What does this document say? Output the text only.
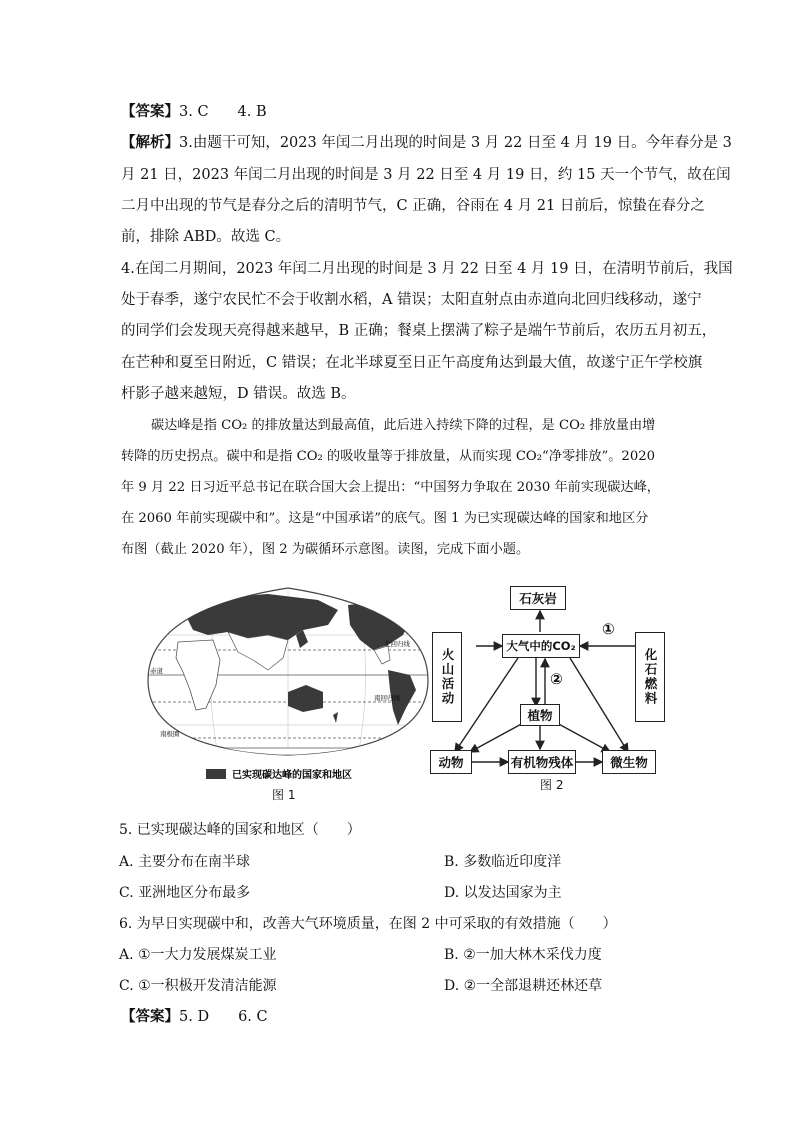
【答案】3. C　　4. B
【解析】3.由题干可知，2023 年闰二月出现的时间是 3 月 22 日至 4 月 19 日。今年春分是 3
月 21 日，2023 年闰二月出现的时间是 3 月 22 日至 4 月 19 日，约 15 天一个节气，故在闰
二月中出现的节气是春分之后的清明节气，C 正确，谷雨在 4 月 21 日前后，惊蛰在春分之
前，排除 ABD。故选 C。
4.在闰二月期间，2023 年闰二月出现的时间是 3 月 22 日至 4 月 19 日，在清明节前后，我国
处于春季，遂宁农民忙不会于收割水稻，A 错误；太阳直射点由赤道向北回归线移动，遂宁
的同学们会发现天亮得越来越早，B 正确；餐桌上摆满了粽子是端午节前后，农历五月初五，
在芒种和夏至日附近，C 错误；在北半球夏至日正午高度角达到最大值，故遂宁正午学校旗
杆影子越来越短，D 错误。故选 B。
碳达峰是指 CO₂ 的排放量达到最高值，此后进入持续下降的过程，是 CO₂ 排放量由增
转降的历史拐点。碳中和是指 CO₂ 的吸收量等于排放量，从而实现 CO₂“净零排放”。2020
年 9 月 22 日习近平总书记在联合国大会上提出：“中国努力争取在 2030 年前实现碳达峰，
在 2060 年前实现碳中和”。这是“中国承诺”的底气。图 1 为已实现碳达峰的国家和地区分
布图（截止 2020 年），图 2 为碳循环示意图。读图，完成下面小题。
北回归线
赤道
南回归线
南极圈
已实现碳达峰的国家和地区
图 1
石灰岩
大气中的CO₂
火山活动	化石燃料
植物
动物	有机物残体	微生物
①
②
图 2
5. 已实现碳达峰的国家和地区（　　）
A. 主要分布在南半球	B. 多数临近印度洋
C. 亚洲地区分布最多	D. 以发达国家为主
6. 为早日实现碳中和，改善大气环境质量，在图 2 中可采取的有效措施（　　）
A. ①一大力发展煤炭工业	B. ②一加大林木采伐力度
C. ①一积极开发清洁能源	D. ②一全部退耕还林还草
【答案】5. D　　6. C
